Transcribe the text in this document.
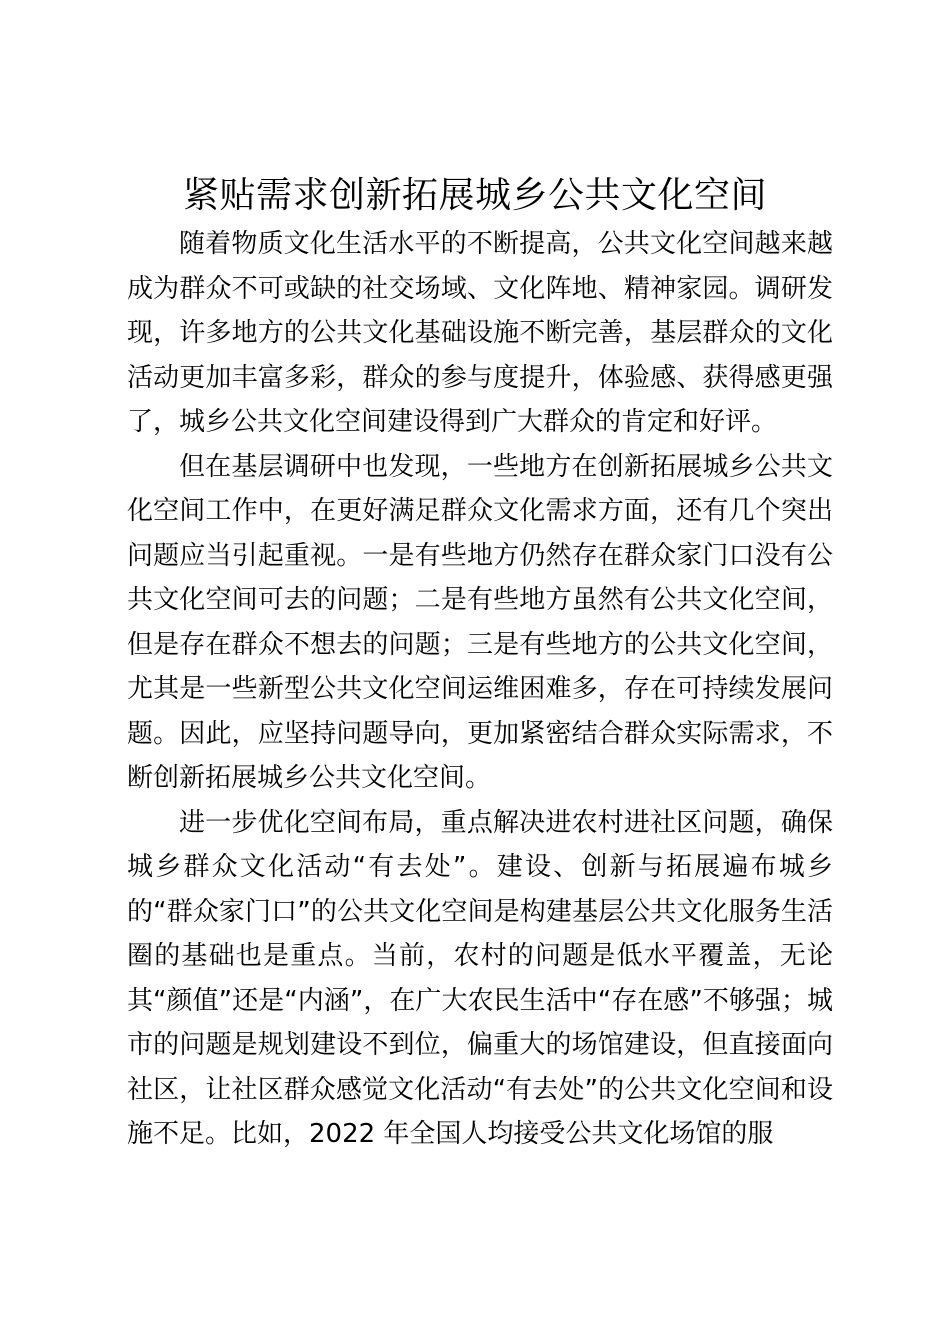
紧贴需求创新拓展城乡公共文化空间

随着物质文化生活水平的不断提高，公共文化空间越来越成为群众不可或缺的社交场域、文化阵地、精神家园。调研发现，许多地方的公共文化基础设施不断完善，基层群众的文化活动更加丰富多彩，群众的参与度提升，体验感、获得感更强了，城乡公共文化空间建设得到广大群众的肯定和好评。

但在基层调研中也发现，一些地方在创新拓展城乡公共文化空间工作中，在更好满足群众文化需求方面，还有几个突出问题应当引起重视。一是有些地方仍然存在群众家门口没有公共文化空间可去的问题；二是有些地方虽然有公共文化空间，但是存在群众不想去的问题；三是有些地方的公共文化空间，尤其是一些新型公共文化空间运维困难多，存在可持续发展问题。因此，应坚持问题导向，更加紧密结合群众实际需求，不断创新拓展城乡公共文化空间。

进一步优化空间布局，重点解决进农村进社区问题，确保城乡群众文化活动“有去处”。建设、创新与拓展遍布城乡的“群众家门口”的公共文化空间是构建基层公共文化服务生活圈的基础也是重点。当前，农村的问题是低水平覆盖，无论其“颜值”还是“内涵”，在广大农民生活中“存在感”不够强；城市的问题是规划建设不到位，偏重大的场馆建设，但直接面向社区，让社区群众感觉文化活动“有去处”的公共文化空间和设施不足。比如，2022 年全国人均接受公共文化场馆的服
